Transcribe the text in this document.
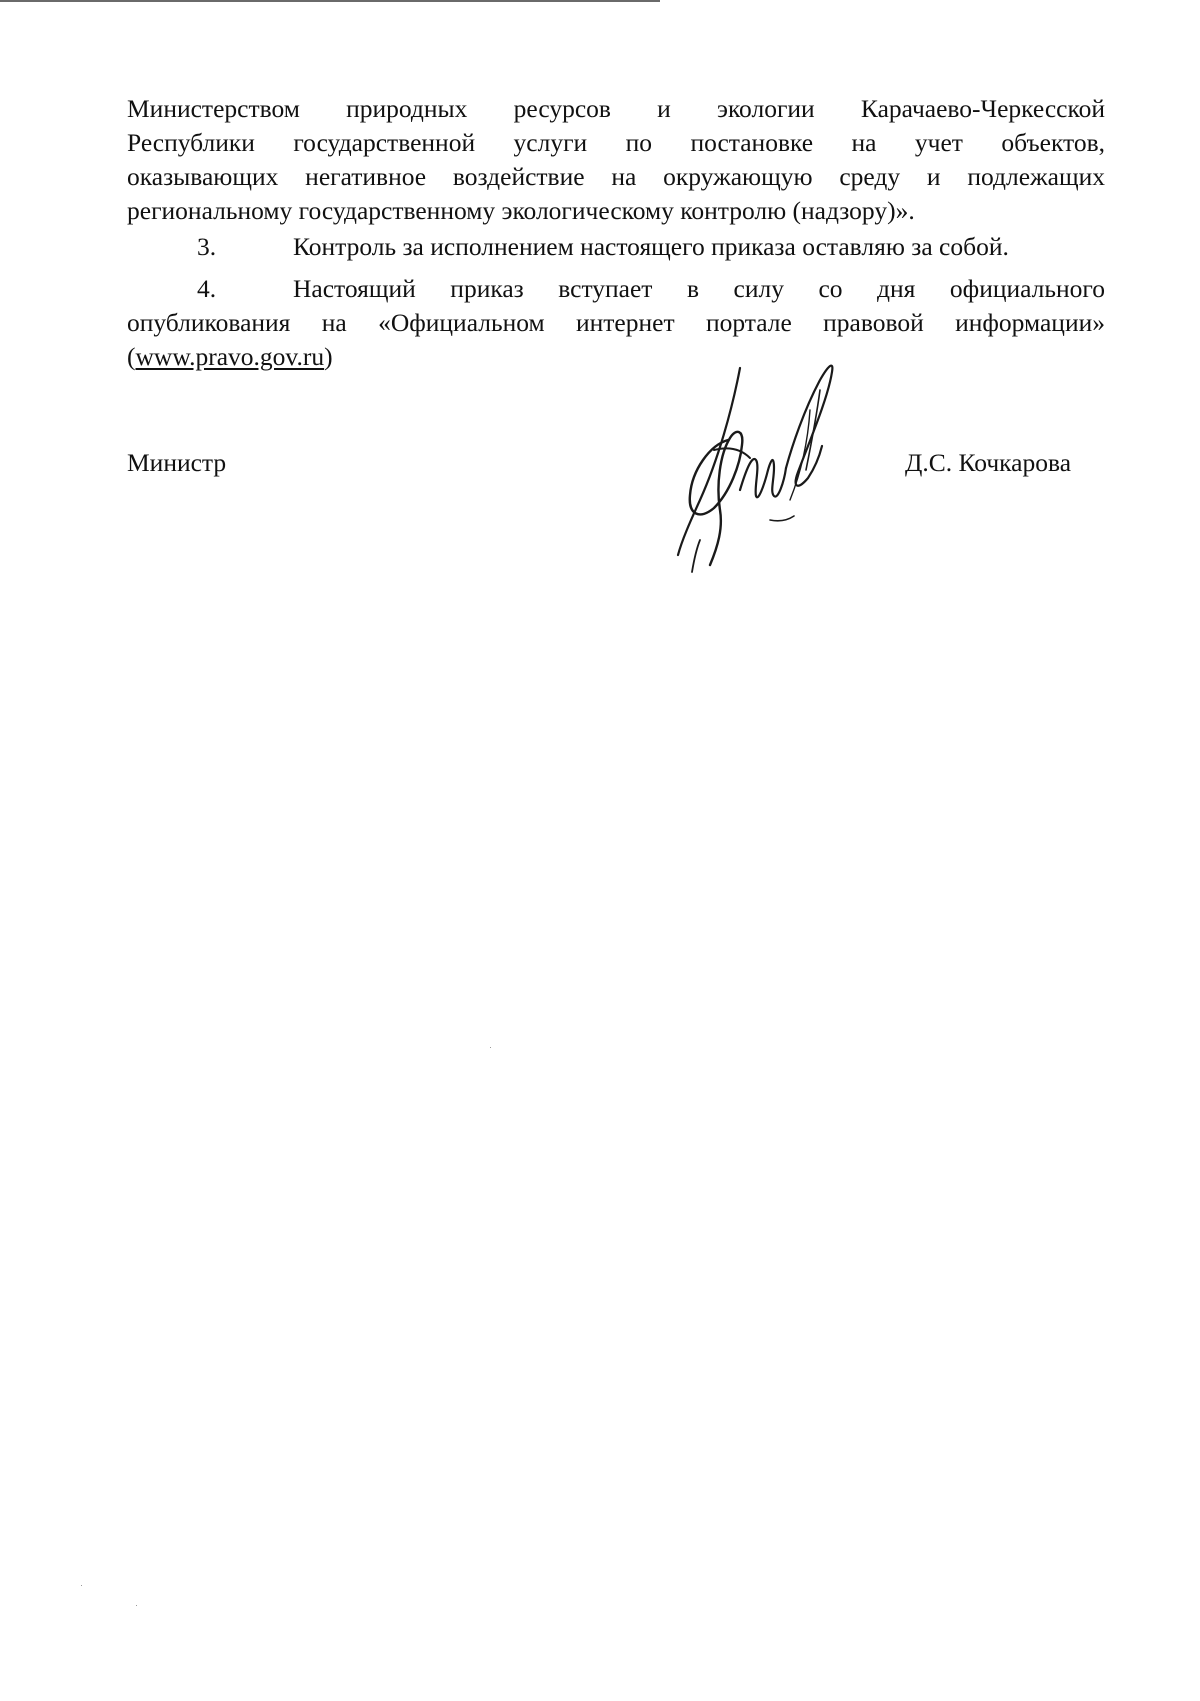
Министерством природных ресурсов и экологии Карачаево-Черкесской
Республики государственной услуги по постановке на учет объектов,
оказывающих негативное воздействие на окружающую среду и подлежащих
региональному государственному экологическому контролю (надзору)».
3.	Контроль за исполнением настоящего приказа оставляю за собой.
4.	Настоящий приказ вступает в силу со дня официального
опубликования на «Официальном интернет портале правовой информации»
(www.pravo.gov.ru)
Министр	Д.С. Кочкарова
